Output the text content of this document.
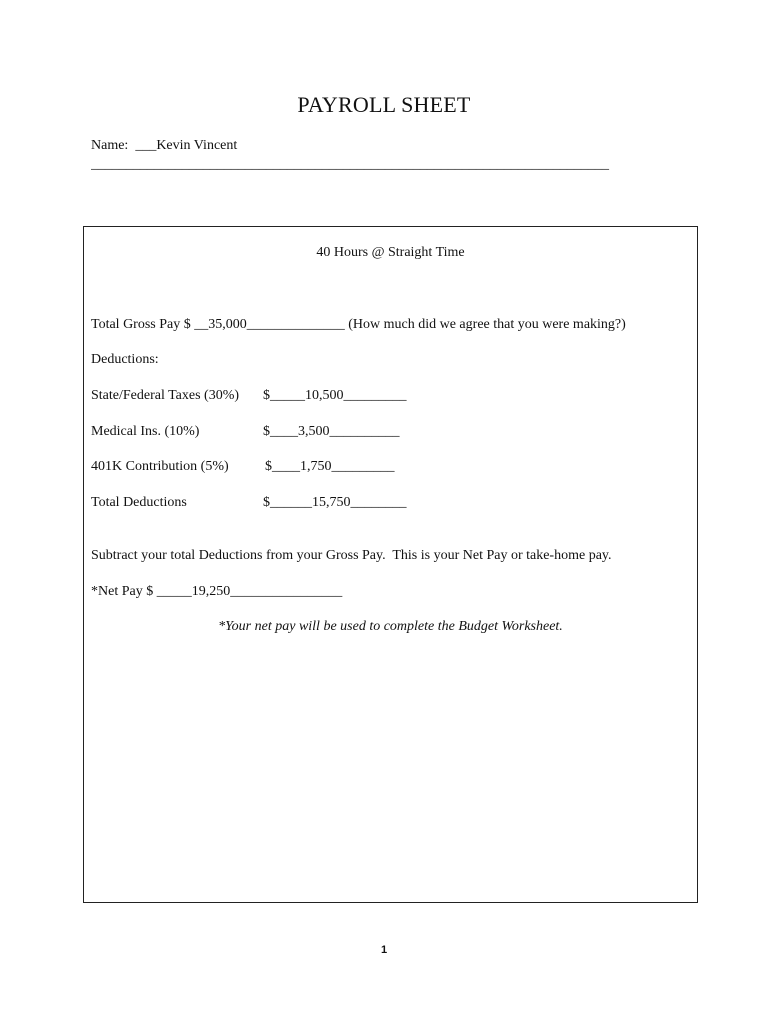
PAYROLL SHEET
Name:  ___Kevin Vincent
__________________________________________________________________________
40 Hours @ Straight Time
Total Gross Pay $ __35,000______________ (How much did we agree that you were making?)
Deductions:
State/Federal Taxes (30%) $_____10,500_________
Medical Ins. (10%)	$____3,500__________
401K Contribution (5%)	$____1,750_________
Total Deductions	$______15,750________
Subtract your total Deductions from your Gross Pay.  This is your Net Pay or take-home pay.
*Net Pay $ _____19,250________________
*Your net pay will be used to complete the Budget Worksheet.
1
